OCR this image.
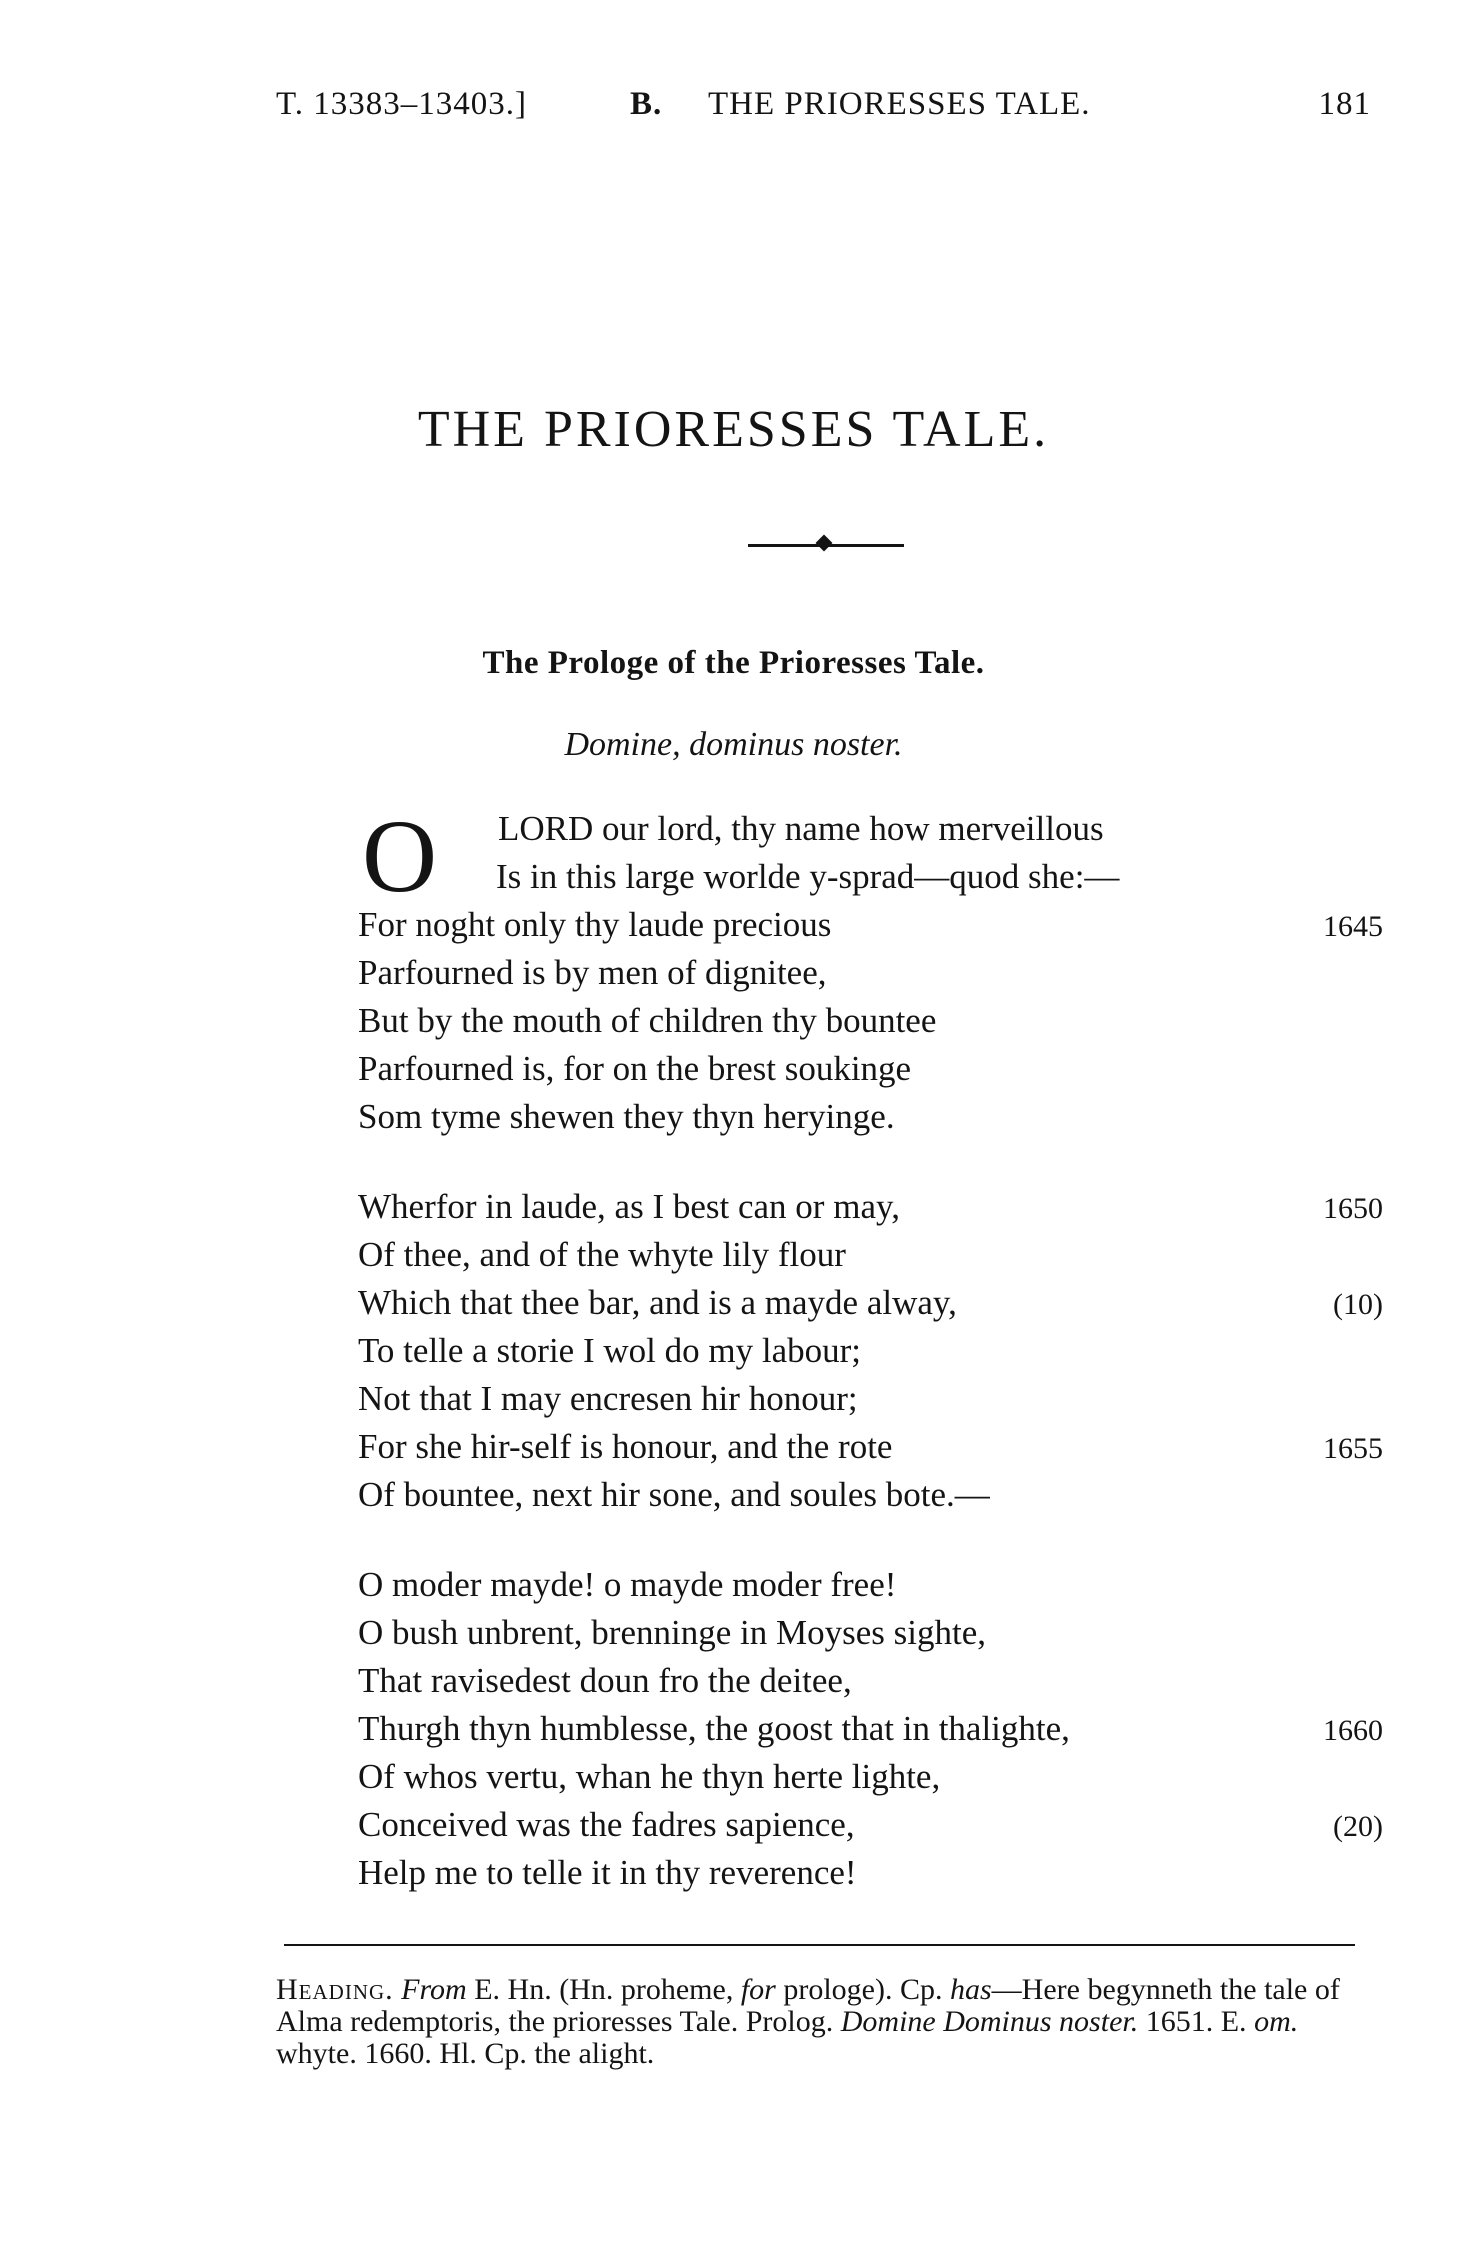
T. 13383–13403.]	B. THE PRIORESSES TALE.	181
THE PRIORESSES TALE.
The Prologe of the Prioresses Tale.
Domine, dominus noster.
O LORD our lord, thy name how merveillous
Is in this large worlde y-sprad—quod she:—
For noght only thy laude precious	1645
Parfourned is by men of dignitee,
But by the mouth of children thy bountee
Parfourned is, for on the brest soukinge
Som tyme shewen they thyn heryinge.
Wherfor in laude, as I best can or may,	1650
Of thee, and of the whyte lily flour
Which that thee bar, and is a mayde alway,	(10)
To telle a storie I wol do my labour;
Not that I may encresen hir honour;
For she hir-self is honour, and the rote	1655
Of bountee, next hir sone, and soules bote.—
O moder mayde! o mayde moder free!
O bush unbrent, brenninge in Moyses sighte,
That ravisedest doun fro the deitee,
Thurgh thyn humblesse, the goost that in thalighte,	1660
Of whos vertu, whan he thyn herte lighte,
Conceived was the fadres sapience,	(20)
Help me to telle it in thy reverence!

Heading. From E. Hn. (Hn. proheme, for prologe). Cp. has—Here begynneth the tale of Alma redemptoris, the prioresses Tale. Prolog. Domine Dominus noster. 1651. E. om. whyte. 1660. Hl. Cp. the alight.
